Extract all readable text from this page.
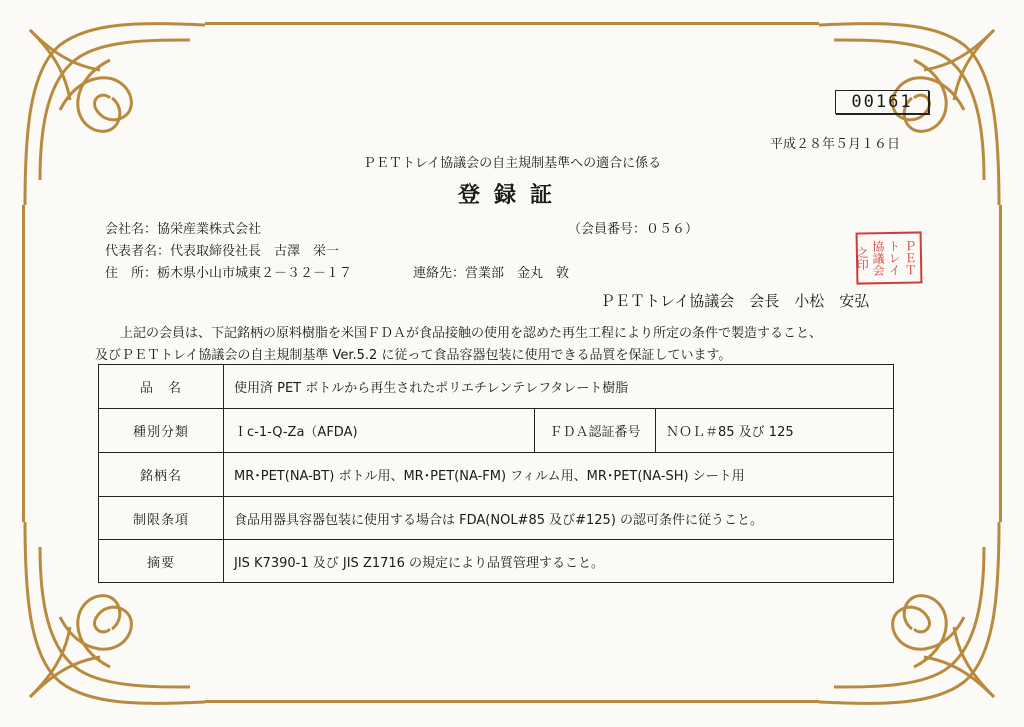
00161
平成２８年５月１６日
ＰＥＴトレイ協議会の自主規制基準への適合に係る
登録証
会社名：協栄産業株式会社	（会員番号：０５６）
代表者名：代表取締役社長　古澤　栄一
住　所：栃木県小山市城東２－３２－１７	連絡先：営業部　金丸　敦	ＰＥＴトレイ協議会之印
ＰＥＴトレイ協議会　会長　小松　安弘
上記の会員は、下記銘柄の原料樹脂を米国ＦＤＡが食品接触の使用を認めた再生工程により所定の条件で製造すること、
及びＰＥＴトレイ協議会の自主規制基準 Ver.5.2 に従って食品容器包装に使用できる品質を保証しています。
品　名	使用済 PET ボトルから再生されたポリエチレンテレフタレート樹脂		
種別分類	Ｉc-1-Q-Za（AFDA)	ＦＤＡ認証番号	ＮＯＬ＃85 及び 125
銘柄名	MR･PET(NA-BT) ボトル用、MR･PET(NA-FM) フィルム用、MR･PET(NA-SH) シート用		
制限条項	食品用器具容器包装に使用する場合は FDA(NOL#85 及び#125) の認可条件に従うこと。		
摘要	JIS K7390-1 及び JIS Z1716 の規定により品質管理すること。		
